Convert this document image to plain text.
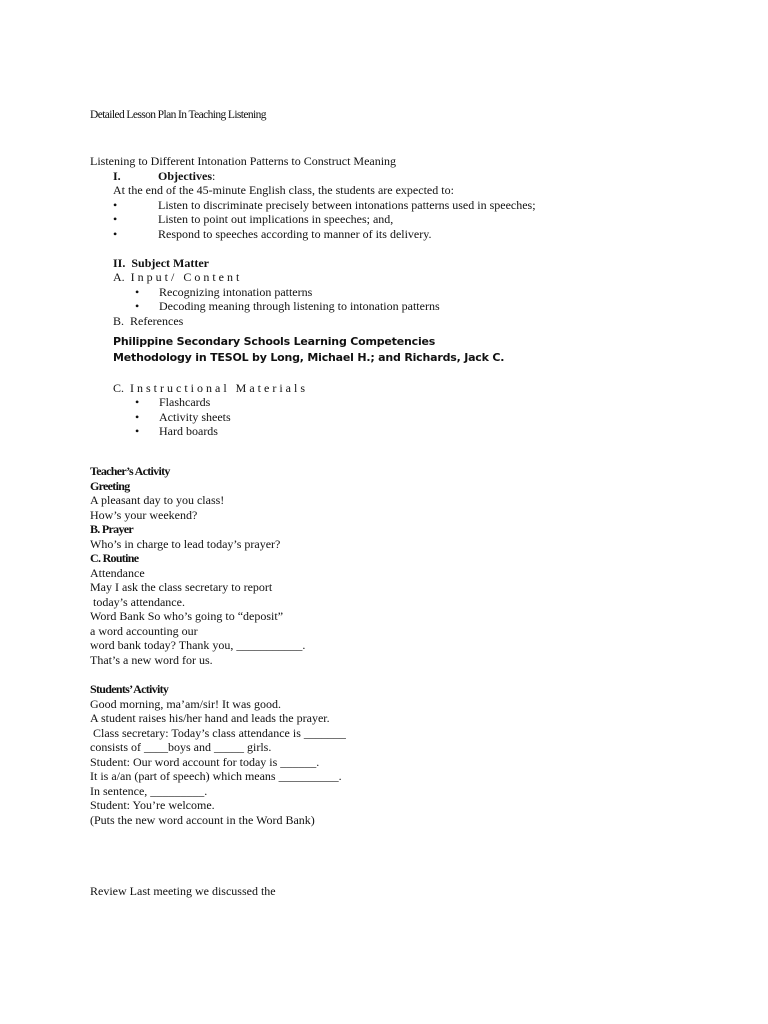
Detailed Lesson Plan In Teaching Listening
Listening to Different Intonation Patterns to Construct Meaning
I.	Objectives:
At the end of the 45-minute English class, the students are expected to:
•	Listen to discriminate precisely between intonations patterns used in speeches;
•	Listen to point out implications in speeches; and,
•	Respond to speeches according to manner of its delivery.
II. Subject Matter
A. Input/ Content
• Recognizing intonation patterns
• Decoding meaning through listening to intonation patterns
B. References
Philippine Secondary Schools Learning Competencies
Methodology in TESOL by Long, Michael H.; and Richards, Jack C.
C. Instructional Materials
• Flashcards
• Activity sheets
• Hard boards
Teacher’s Activity
Greeting
A pleasant day to you class!
How’s your weekend?
B. Prayer
Who’s in charge to lead today’s prayer?
C. Routine
Attendance
May I ask the class secretary to report
today’s attendance.
Word Bank So who’s going to “deposit”
a word accounting our
word bank today? Thank you, ___________.
That’s a new word for us.
Students’ Activity
Good morning, ma’am/sir! It was good.
A student raises his/her hand and leads the prayer.
Class secretary: Today’s class attendance is _______
consists of ____boys and _____ girls.
Student: Our word account for today is ______.
It is a/an (part of speech) which means __________.
In sentence, _________.
Student: You’re welcome.
(Puts the new word account in the Word Bank)
Review Last meeting we discussed the
